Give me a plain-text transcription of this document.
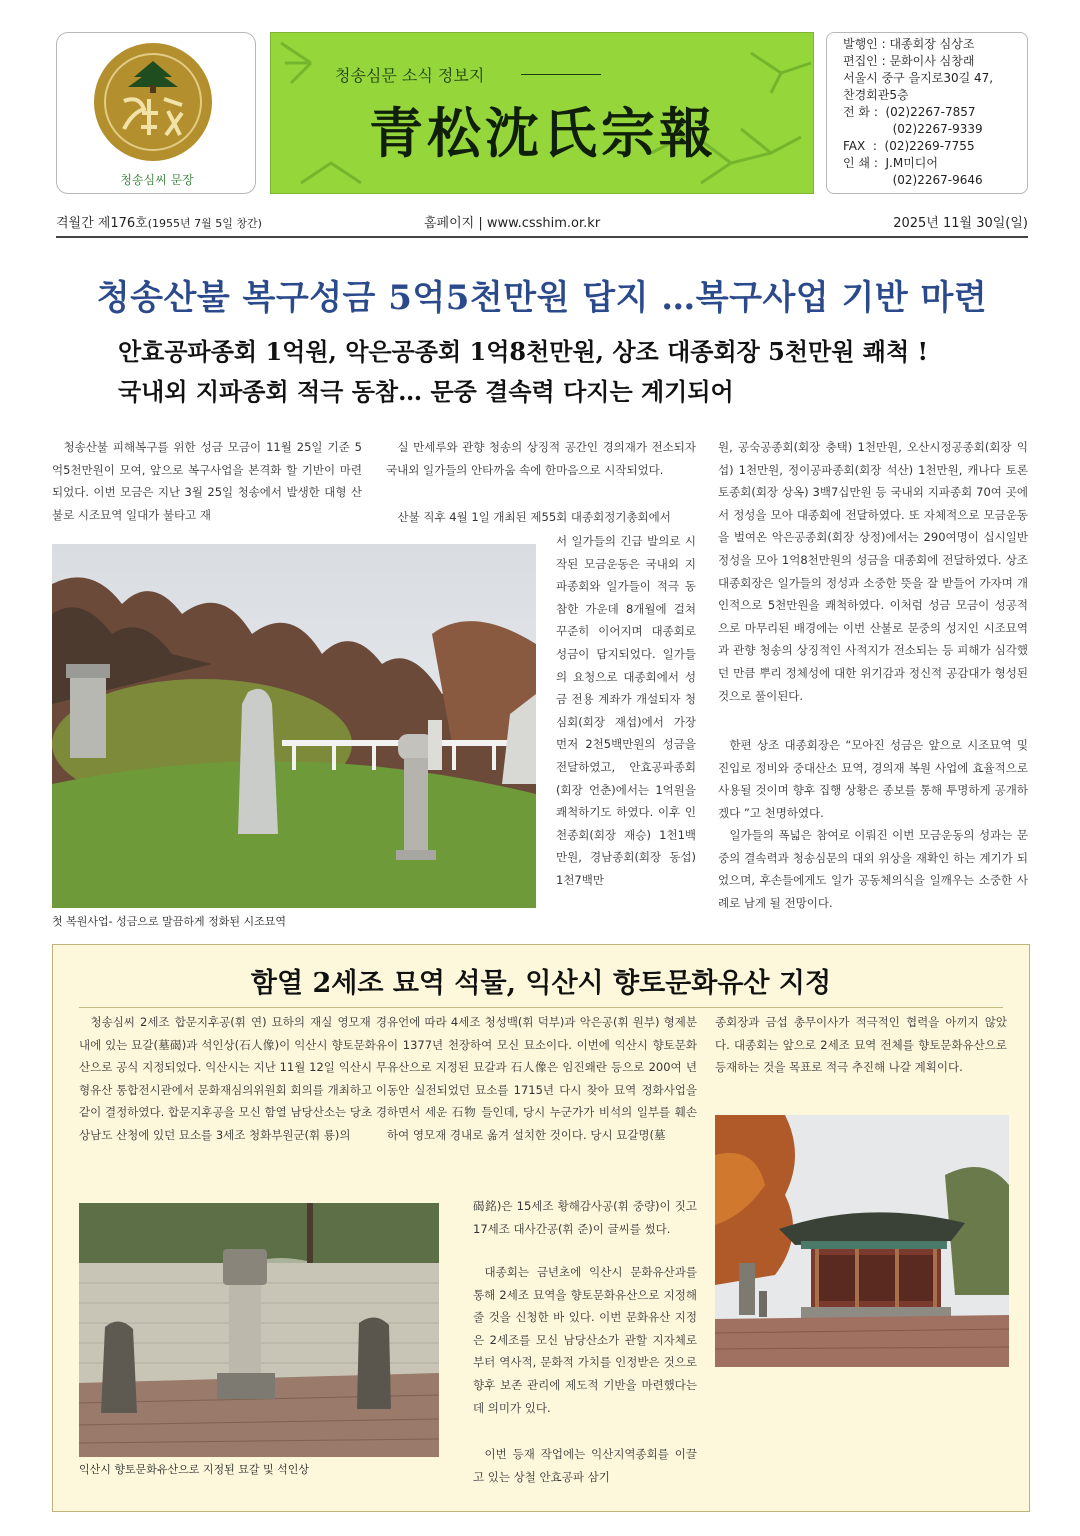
청송심씨 문장
청송심문 소식 정보지
青松沈氏宗報
발행인 : 대종회장 심상조
편집인 : 문화이사 심창래
서울시 중구 을지로30길 47,
찬경회관5층
전 화 :  (02)2267-7857
(02)2267-9339
FAX  :  (02)2269-7755
인 쇄 :  J.M미디어
(02)2267-9646
격월간 제176호(1955년 7월 5일 창간)	홈페이지 | www.csshim.or.kr	2025년 11월 30일(일)
청송산불 복구성금 5억5천만원 답지 …복구사업 기반 마련
안효공파종회 1억원, 악은공종회 1억8천만원, 상조 대종회장 5천만원 쾌척 !
국내외 지파종회 적극 동참… 문중 결속력 다지는 계기되어
청송산불 피해복구를 위한 성금 모금이 11월 25일 기준 5억5천만원이 모여, 앞으로 복구사업을 본격화 할 기반이 마련되었다. 이번 모금은 지난 3월 25일 청송에서 발생한 대형 산불로 시조묘역 일대가 불타고 재
실 만세루와 관향 청송의 상징적 공간인 경의재가 전소되자 국내외 일가들의 안타까움 속에 한마음으로 시작되었다.
산불 직후 4월 1일 개최된 제55회 대종회정기총회에서
서 일가들의 긴급 발의로 시작된 모금운동은 국내외 지파종회와 일가들이 적극 동참한 가운데 8개월에 걸쳐 꾸준히 이어지며 대종회로 성금이 답지되었다. 일가들의 요청으로 대종회에서 성금 전용 계좌가 개설되자 청심회(회장 재섭)에서 가장 먼저 2천5백만원의 성금을 전달하였고, 안효공파종회(회장 언춘)에서는 1억원을 쾌척하기도 하였다. 이후 인천종회(회장 재승) 1천1백만원, 경남종회(회장 동섭) 1천7백만
원, 공숙공종회(회장 충택) 1천만원, 오산시정공종회(회장 익섭) 1천만원, 정이공파종회(회장 석산) 1천만원, 캐나다 토론토종회(회장 상옥) 3백7십만원 등 국내외 지파종회 70여 곳에서 정성을 모아 대종회에 전달하였다. 또 자체적으로 모금운동을 벌여온 악은공종회(회장 상정)에서는 290여명이 십시일반 정성을 모아 1억8천만원의 성금을 대종회에 전달하였다. 상조 대종회장은 일가들의 정성과 소중한 뜻을 잘 받들어 가자며 개인적으로 5천만원을 쾌척하였다. 이처럼 성금 모금이 성공적으로 마무리된 배경에는 이번 산불로 문중의 성지인 시조묘역과 관향 청송의 상징적인 사적지가 전소되는 등 피해가 심각했던 만큼 뿌리 정체성에 대한 위기감과 정신적 공감대가 형성된 것으로 풀이된다.
한편 상조 대종회장은 “모아진 성금은 앞으로 시조묘역 및 진입로 정비와 중대산소 묘역, 경의재 복원 사업에 효율적으로 사용될 것이며 향후 집행 상황은 종보를 통해 투명하게 공개하겠다 ”고 천명하였다.
일가들의 폭넓은 참여로 이뤄진 이번 모금운동의 성과는 문중의 결속력과 청송심문의 대외 위상을 재확인 하는 계기가 되었으며, 후손들에게도 일가 공동체의식을 일깨우는 소중한 사례로 남게 될 전망이다.
첫 복원사업- 성금으로 말끔하게 정화된 시조묘역
함열 2세조 묘역 석물, 익산시 향토문화유산 지정
청송심씨 2세조 합문지후공(휘 연) 묘하의 재실 영모재 경내에 있는 묘갈(墓碣)과 석인상(石人像)이 익산시 향토문화유산으로 공식 지정되었다. 익산시는 지난 11월 12일 익산시 무형유산 통합전시관에서 문화재심의위원회 회의를 개최하고 이같이 결정하였다. 합문지후공을 모신 함열 남당산소는 당초 경상남도 산청에 있던 묘소를 3세조 청화부원군(휘 룡)의
유언에 따라 4세조 청성백(휘 덕부)과 악은공(휘 원부) 형제분이 1377년 천장하여 모신 묘소이다. 이번에 익산시 향토문화유산으로 지정된 묘갈과 石人像은 임진왜란 등으로 200여 년동안 실전되었던 묘소를 1715년 다시 찾아 묘역 정화사업을 하면서 세운 石物 들인데, 당시 누군가가 비석의 일부를 훼손하여 영모재 경내로 옮겨 설치한 것이다. 당시 묘갈명(墓
碣銘)은 15세조 황해감사공(휘 중량)이 짓고 17세조 대사간공(휘 준)이 글씨를 썼다.
대종회는 금년초에 익산시 문화유산과를 통해 2세조 묘역을 향토문화유산으로 지정해 줄 것을 신청한 바 있다. 이번 문화유산 지정은 2세조를 모신 남당산소가 관할 지자체로부터 역사적, 문화적 가치를 인정받은 것으로 향후 보존 관리에 제도적 기반을 마련했다는데 의미가 있다.
이번 등재 작업에는 익산지역종회를 이끌고 있는 상철 안효공파 삼기
종회장과 금섭 총무이사가 적극적인 협력을 아끼지 않았다. 대종회는 앞으로 2세조 묘역 전체를 향토문화유산으로 등재하는 것을 목표로 적극 추진해 나갈 계획이다.
익산시 향토문화유산으로 지정된 묘갈 및 석인상
